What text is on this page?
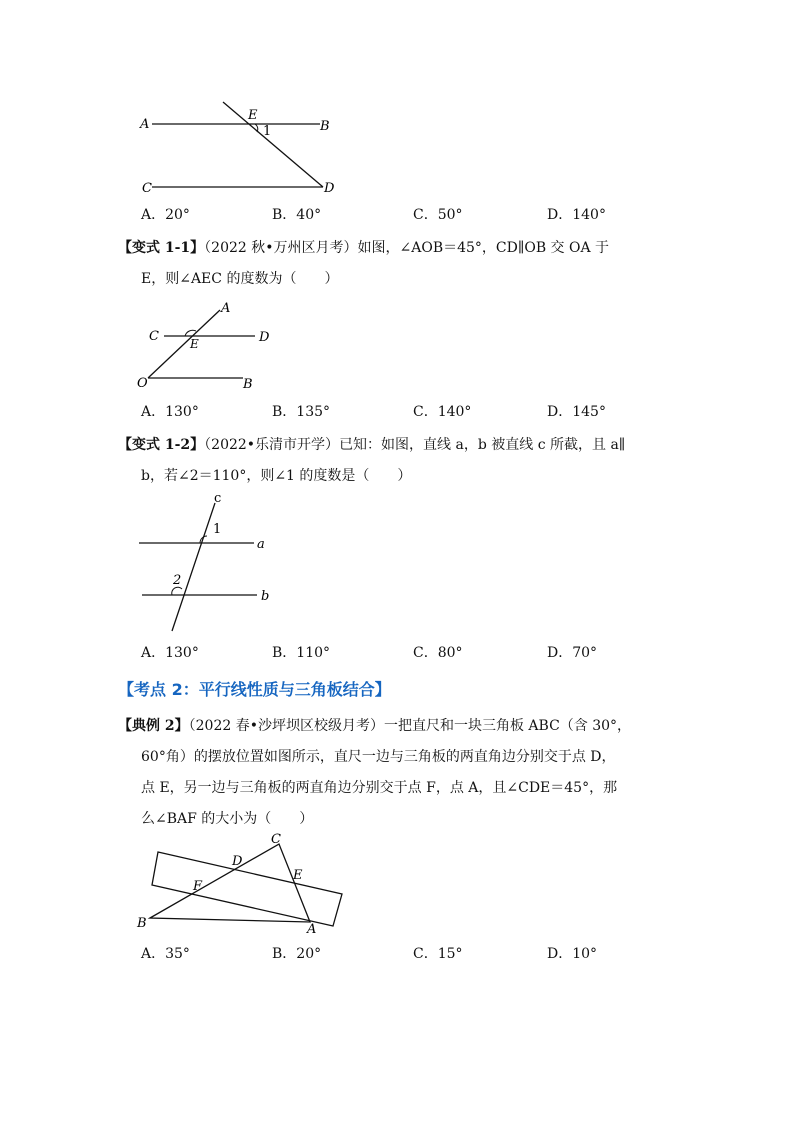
A	B
C	D
E
1
A．20°	B．40°	C．50°	D．140°
【变式 1-1】（2022 秋•万州区月考）如图，∠AOB＝45°，CD∥OB 交 OA 于
E，则∠AEC 的度数为（　　）
A
C	D
E
O	B
A．130°	B．135°	C．140°	D．145°
【变式 1-2】（2022•乐清市开学）已知：如图，直线 a，b 被直线 c 所截，且 a∥
b，若∠2＝110°，则∠1 的度数是（　　）
c
1
a
2
b
A．130°	B．110°	C．80°	D．70°
【考点 2：平行线性质与三角板结合】
【典例 2】（2022 春•沙坪坝区校级月考）一把直尺和一块三角板 ABC（含 30°，
60°角）的摆放位置如图所示，直尺一边与三角板的两直角边分别交于点 D，
点 E，另一边与三角板的两直角边分别交于点 F，点 A，且∠CDE＝45°，那
么∠BAF 的大小为（　　）
C
D
E
F
B	A
A．35°	B．20°	C．15°	D．10°
